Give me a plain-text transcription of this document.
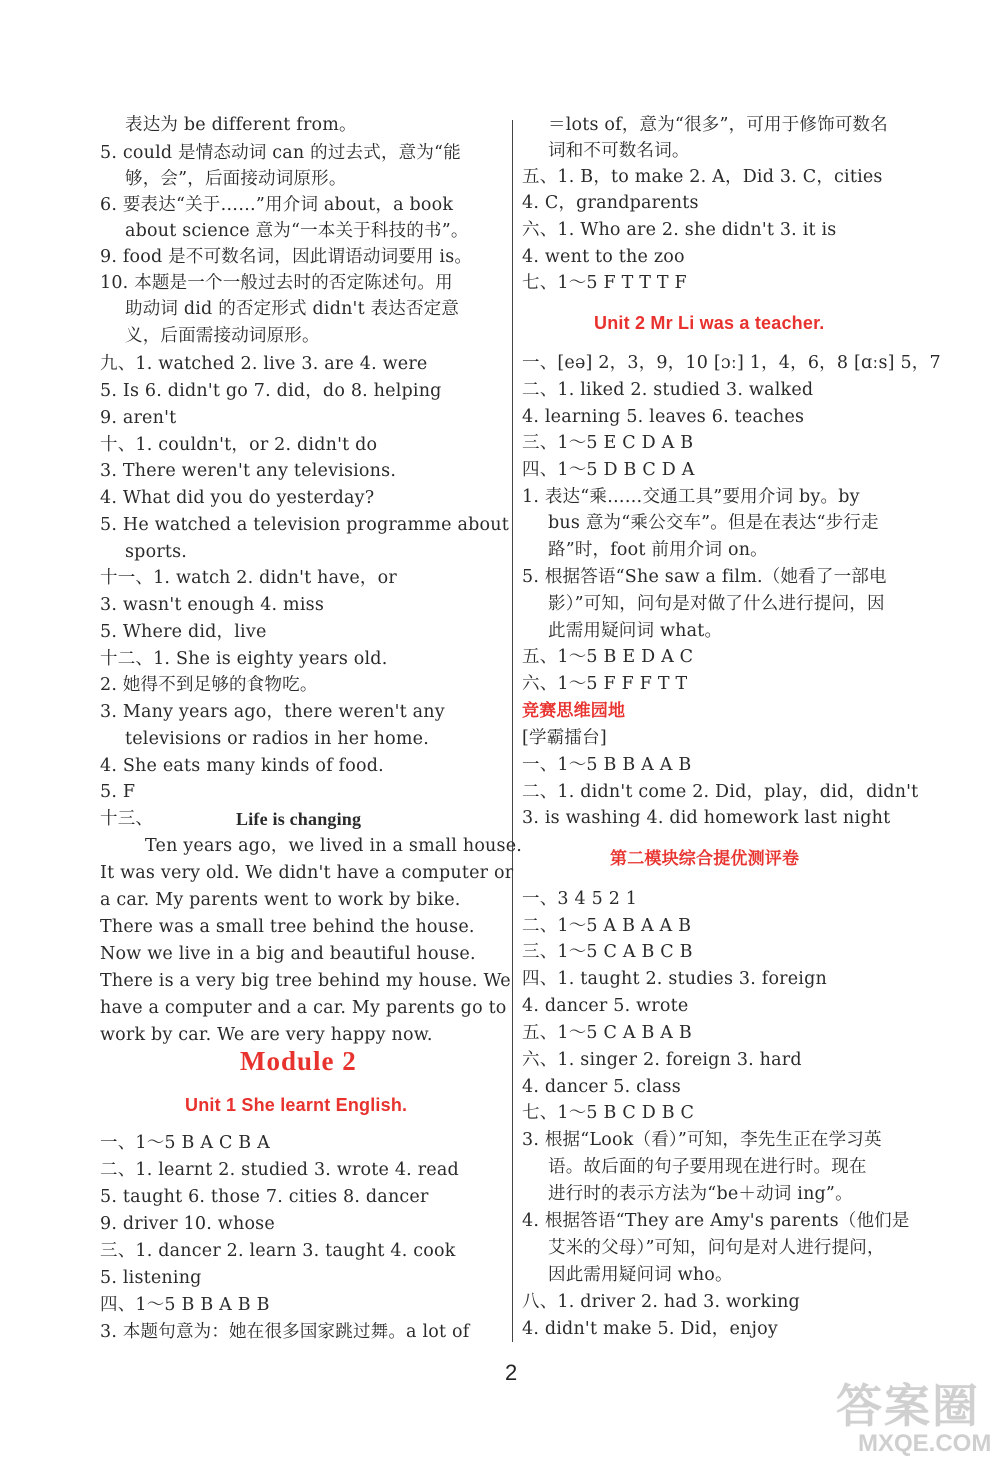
表达为 be different from。
5. could 是情态动词 can 的过去式，意为“能
够，会”，后面接动词原形。
6. 要表达“关于……”用介词 about，a book
about science 意为“一本关于科技的书”。
9. food 是不可数名词，因此谓语动词要用 is。
10. 本题是一个一般过去时的否定陈述句。用
助动词 did 的否定形式 didn't 表达否定意
义，后面需接动词原形。
九、1. watched 2. live 3. are 4. were
5. Is 6. didn't go 7. did，do 8. helping
9. aren't
十、1. couldn't，or 2. didn't do
3. There weren't any televisions.
4. What did you do yesterday?
5. He watched a television programme about
sports.
十一、1. watch 2. didn't have，or
3. wasn't enough 4. miss
5. Where did，live
十二、1. She is eighty years old.
2. 她得不到足够的食物吃。
3. Many years ago，there weren't any
televisions or radios in her home.
4. She eats many kinds of food.
5. F
十三、
Ten years ago，we lived in a small house.
It was very old. We didn't have a computer or
a car. My parents went to work by bike.
There was a small tree behind the house.
Now we live in a big and beautiful house.
There is a very big tree behind my house. We
have a computer and a car. My parents go to
work by car. We are very happy now.
一、1～5 B A C B A
二、1. learnt 2. studied 3. wrote 4. read
5. taught 6. those 7. cities 8. dancer
9. driver 10. whose
三、1. dancer 2. learn 3. taught 4. cook
5. listening
四、1～5 B B A B B
3. 本题句意为：她在很多国家跳过舞。a lot of
＝lots of，意为“很多”，可用于修饰可数名
词和不可数名词。
五、1. B，to make 2. A，Did 3. C，cities
4. C，grandparents
六、1. Who are 2. she didn't 3. it is
4. went to the zoo
七、1～5 F T T T F
一、[eə] 2，3，9，10 [ɔː] 1，4，6，8 [ɑːs] 5，7
二、1. liked 2. studied 3. walked
4. learning 5. leaves 6. teaches
三、1～5 E C D A B
四、1～5 D B C D A
1. 表达“乘……交通工具”要用介词 by。by
bus 意为“乘公交车”。但是在表达“步行走
路”时，foot 前用介词 on。
5. 根据答语“She saw a film.（她看了一部电
影）”可知，问句是对做了什么进行提问，因
此需用疑问词 what。
五、1～5 B E D A C
六、1～5 F F F T T
[学霸擂台]
一、1～5 B B A A B
二、1. didn't come 2. Did，play，did，didn't
3. is washing 4. did homework last night
一、3 4 5 2 1
二、1～5 A B A A B
三、1～5 C A B C B
四、1. taught 2. studies 3. foreign
4. dancer 5. wrote
五、1～5 C A B A B
六、1. singer 2. foreign 3. hard
4. dancer 5. class
七、1～5 B C D B C
3. 根据“Look（看）”可知，李先生正在学习英
语。故后面的句子要用现在进行时。现在
进行时的表示方法为“be＋动词 ing”。
4. 根据答语“They are Amy's parents（他们是
艾米的父母）”可知，问句是对人进行提问，
因此需用疑问词 who。
八、1. driver 2. had 3. working
4. didn't make 5. Did，enjoy
Life is changing
Module 2
Unit 1 She learnt English.
Unit 2 Mr Li was a teacher.
竞赛思维园地
第二模块综合提优测评卷
2
答案圈
MXQE.COM
